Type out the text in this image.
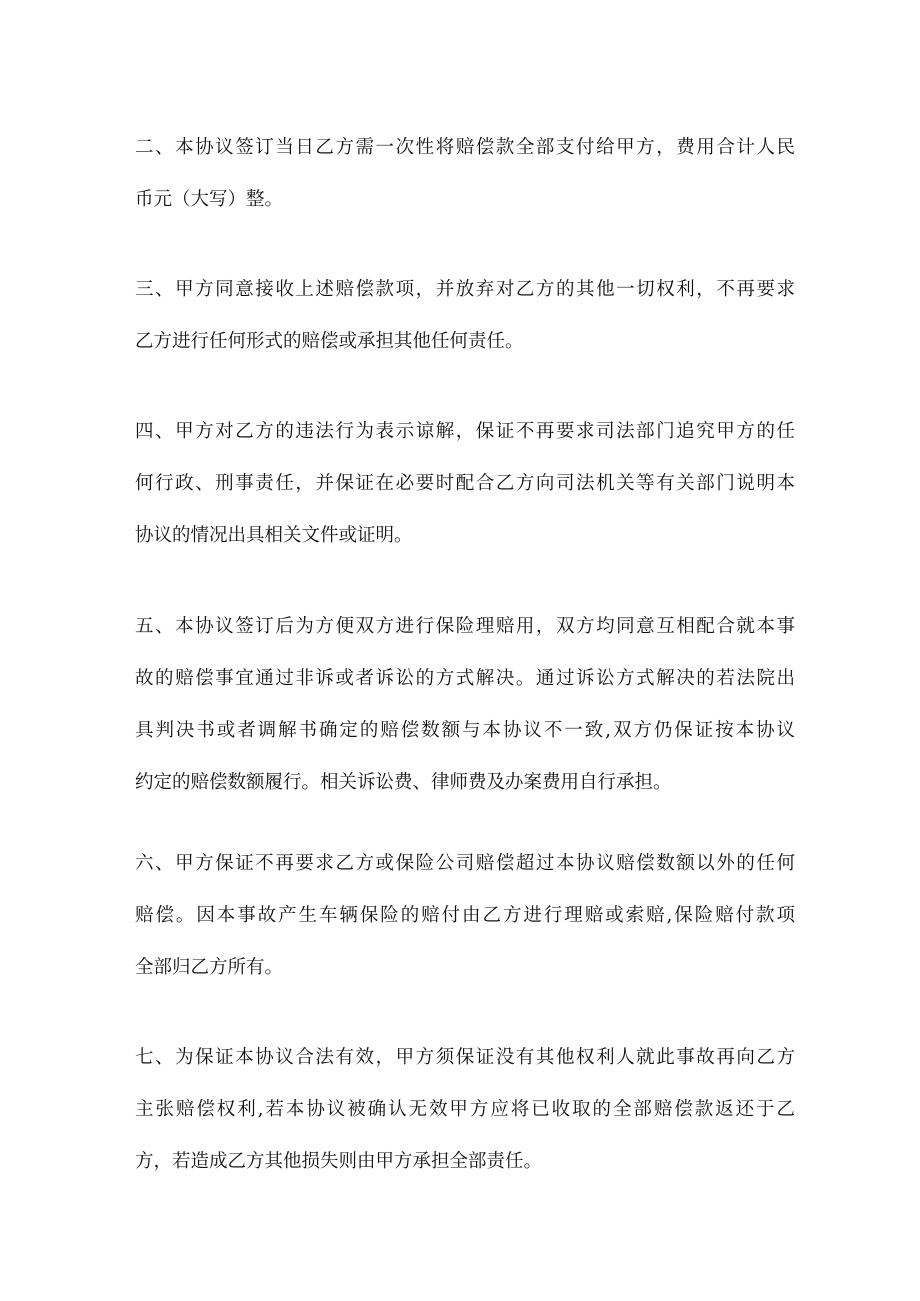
二、本协议签订当日乙方需一次性将赔偿款全部支付给甲方，费用合计人民
币元（大写）整。
三、甲方同意接收上述赔偿款项，并放弃对乙方的其他一切权利，不再要求
乙方进行任何形式的赔偿或承担其他任何责任。
四、甲方对乙方的违法行为表示谅解，保证不再要求司法部门追究甲方的任
何行政、刑事责任，并保证在必要时配合乙方向司法机关等有关部门说明本
协议的情况出具相关文件或证明。
五、本协议签订后为方便双方进行保险理赔用，双方均同意互相配合就本事
故的赔偿事宜通过非诉或者诉讼的方式解决。通过诉讼方式解决的若法院出
具判决书或者调解书确定的赔偿数额与本协议不一致,双方仍保证按本协议
约定的赔偿数额履行。相关诉讼费、律师费及办案费用自行承担。
六、甲方保证不再要求乙方或保险公司赔偿超过本协议赔偿数额以外的任何
赔偿。因本事故产生车辆保险的赔付由乙方进行理赔或索赔,保险赔付款项
全部归乙方所有。
七、为保证本协议合法有效，甲方须保证没有其他权利人就此事故再向乙方
主张赔偿权利,若本协议被确认无效甲方应将已收取的全部赔偿款返还于乙
方，若造成乙方其他损失则由甲方承担全部责任。
